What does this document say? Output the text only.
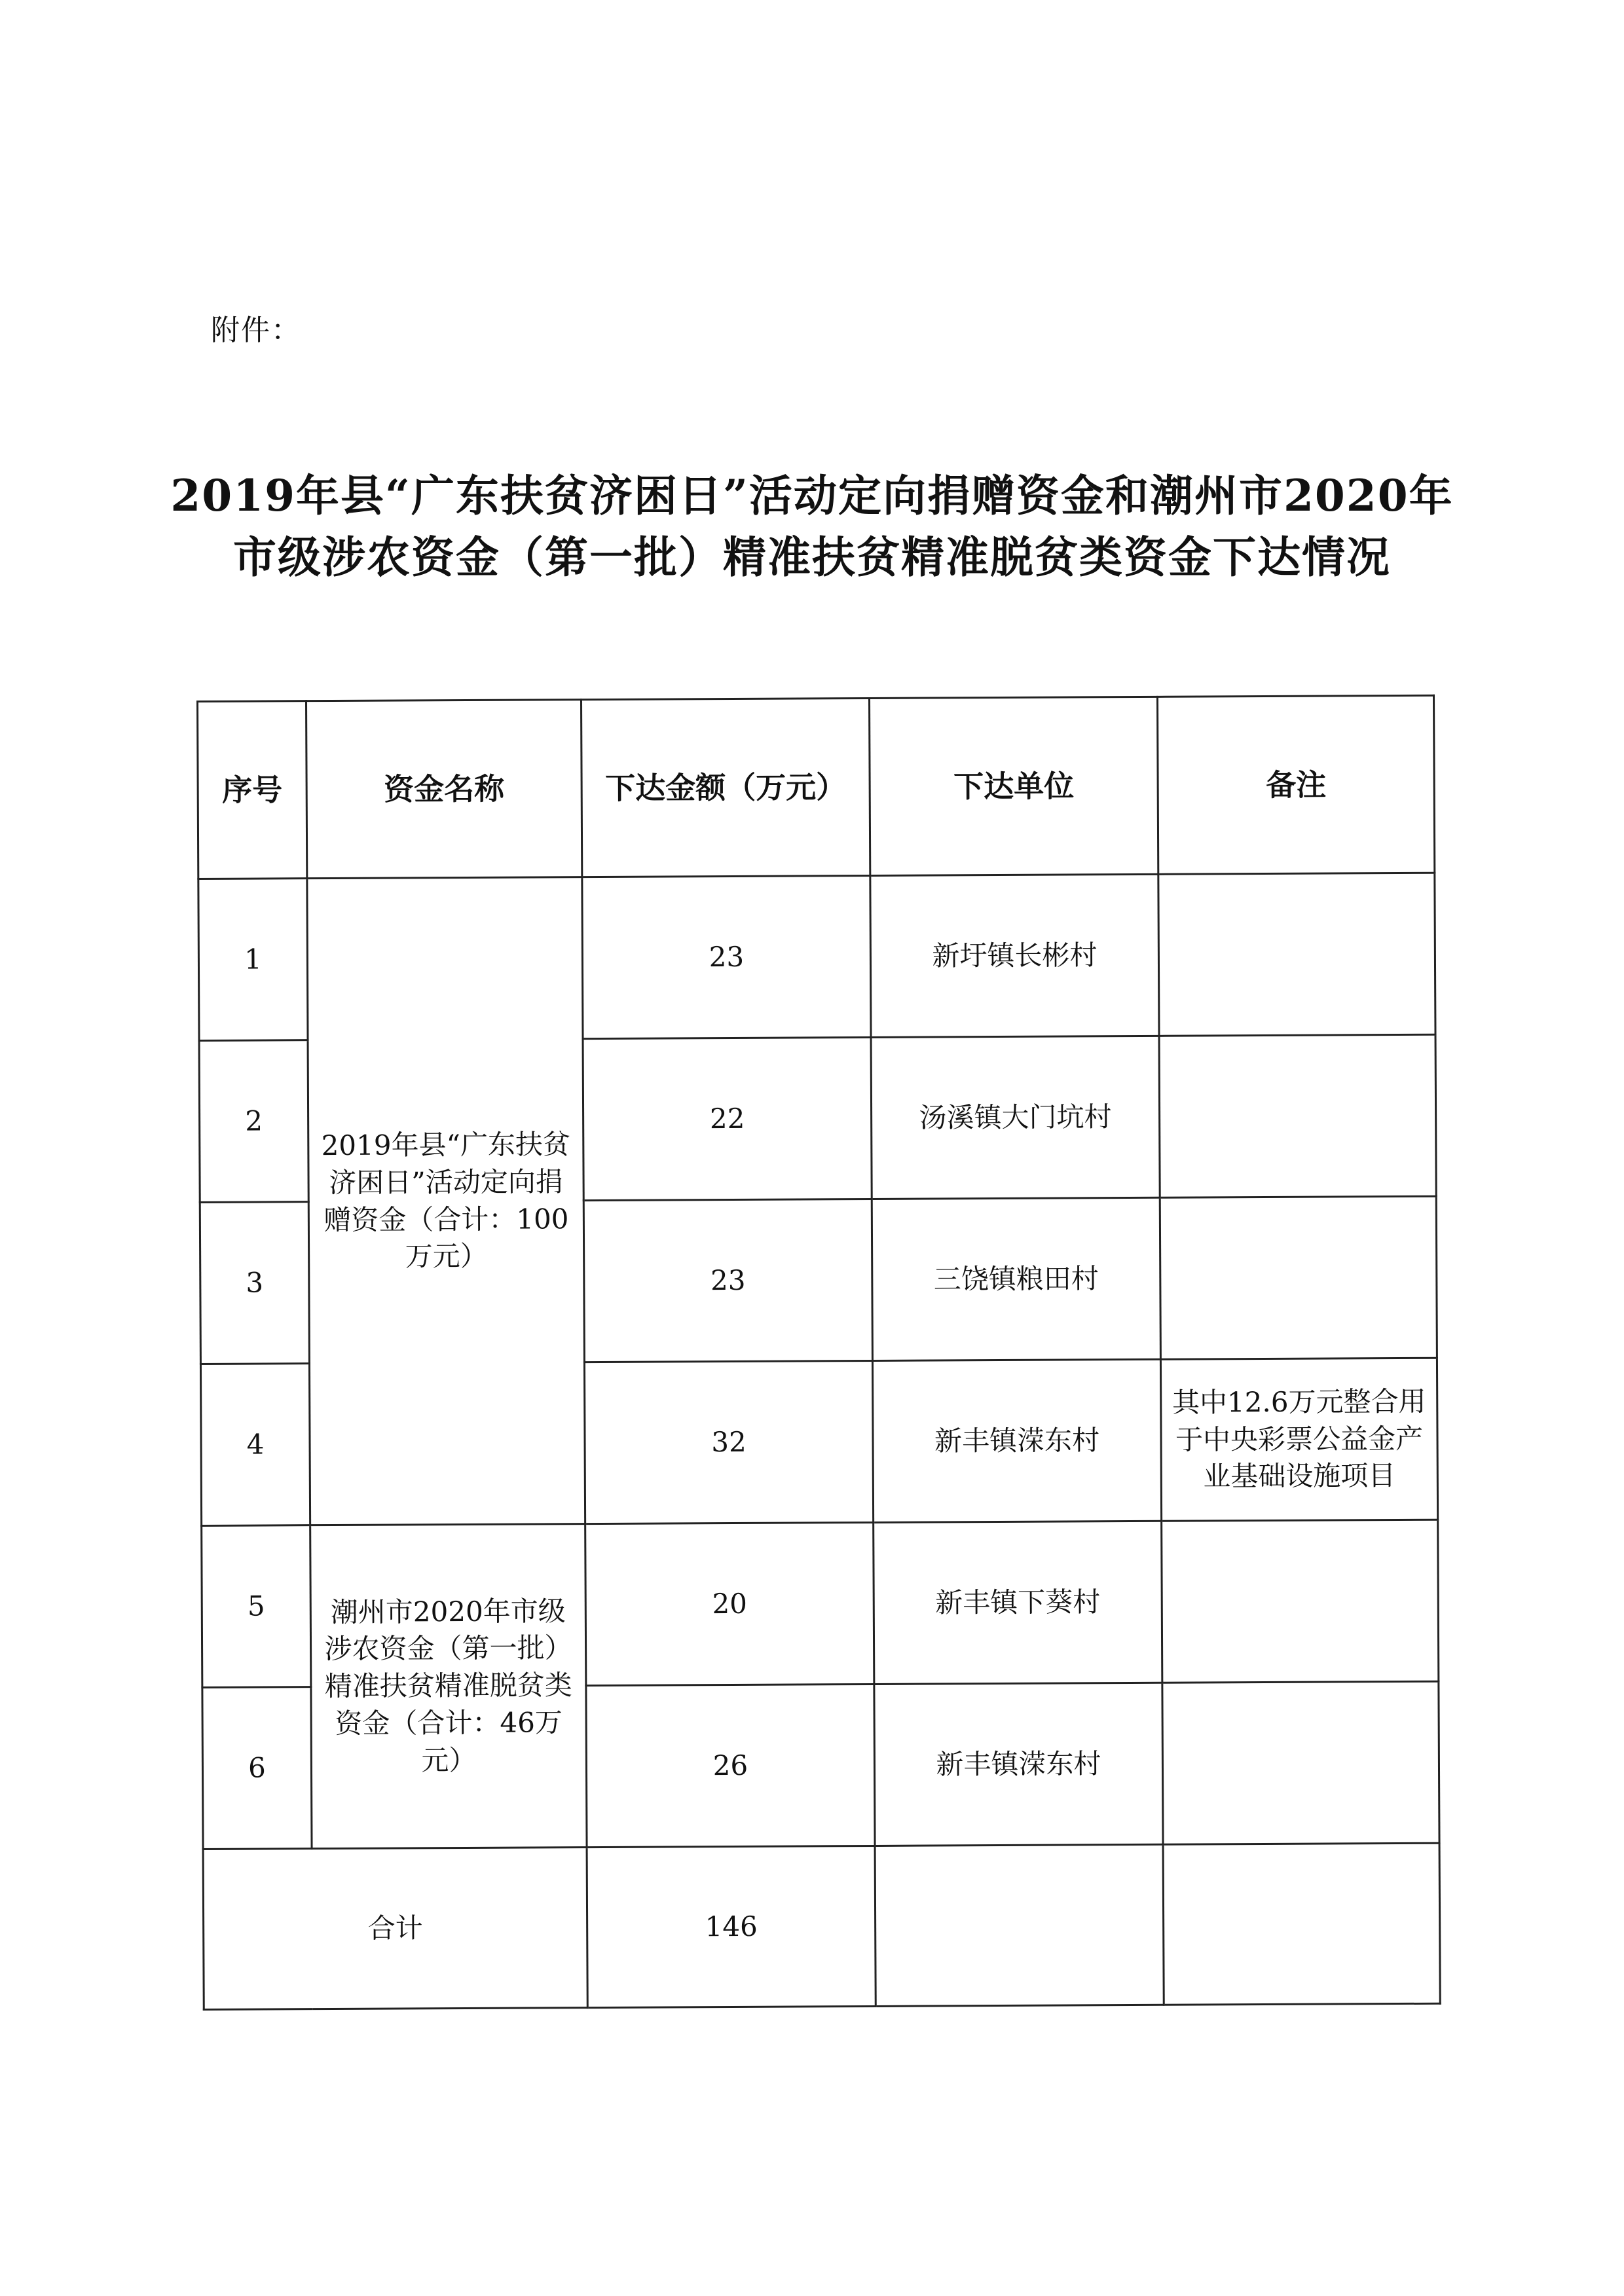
附件：
2019年县“广东扶贫济困日”活动定向捐赠资金和潮州市2020年
市级涉农资金（第一批）精准扶贫精准脱贫类资金下达情况
序号	资金名称	下达金额（万元）	下达单位	备注
1	2019年县“广东扶贫济困日”活动定向捐赠资金（合计：100万元）	23	新圩镇长彬村	
2		22	汤溪镇大门坑村	
3		23	三饶镇粮田村	
4		32	新丰镇溁东村	其中12.6万元整合用于中央彩票公益金产业基础设施项目
5	潮州市2020年市级涉农资金（第一批）精准扶贫精准脱贫类资金（合计：46万元）	20	新丰镇下葵村	
6		26	新丰镇溁东村	
合计		146		
